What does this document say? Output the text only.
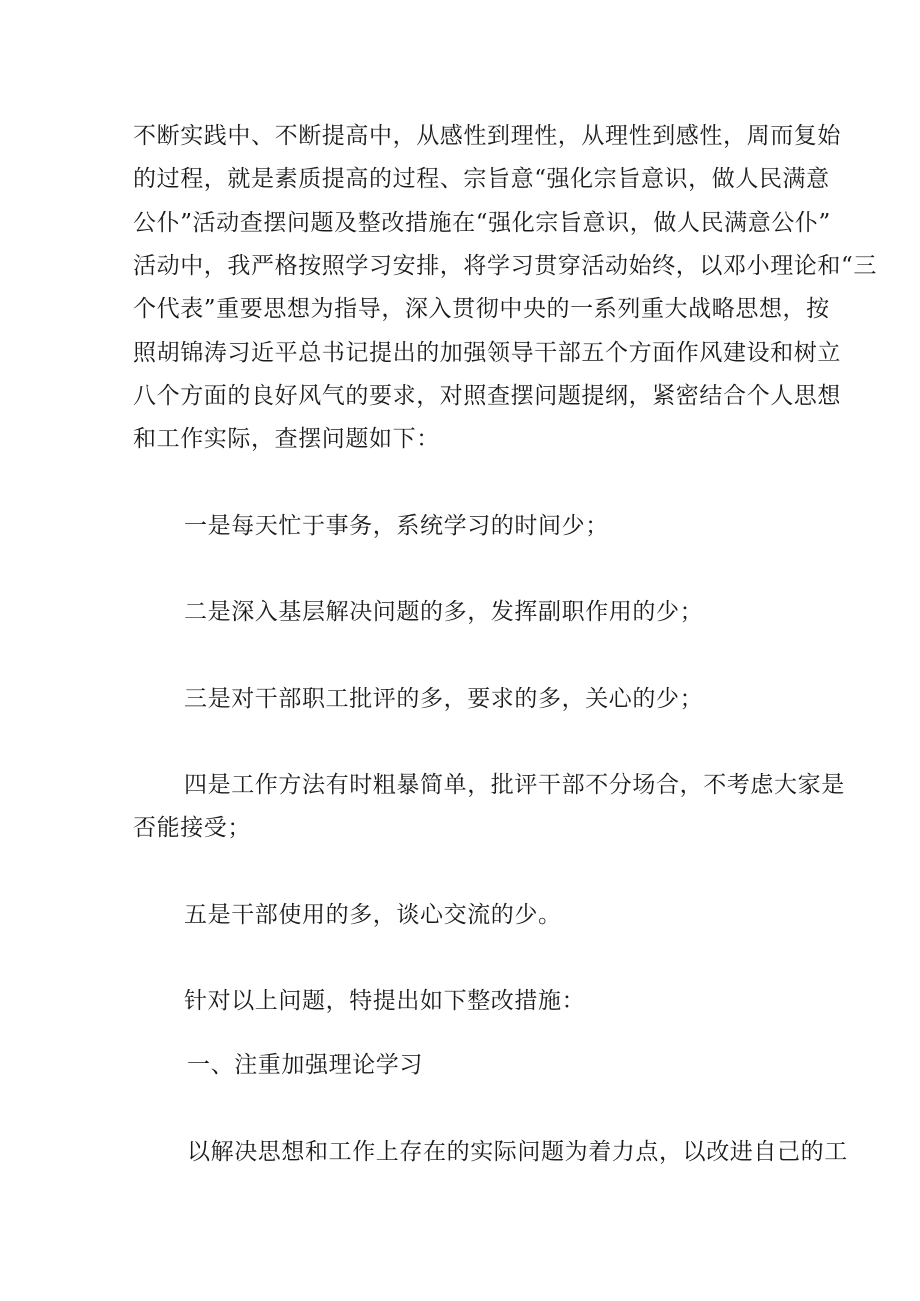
不断实践中、不断提高中，从感性到理性，从理性到感性，周而复始
的过程，就是素质提高的过程、宗旨意“强化宗旨意识，做人民满意
公仆”活动查摆问题及整改措施在“强化宗旨意识，做人民满意公仆”
活动中，我严格按照学习安排，将学习贯穿活动始终，以邓小理论和“三
个代表”重要思想为指导，深入贯彻中央的一系列重大战略思想，按
照胡锦涛习近平总书记提出的加强领导干部五个方面作风建设和树立
八个方面的良好风气的要求，对照查摆问题提纲，紧密结合个人思想
和工作实际，查摆问题如下：
一是每天忙于事务，系统学习的时间少；
二是深入基层解决问题的多，发挥副职作用的少；
三是对干部职工批评的多，要求的多，关心的少；
四是工作方法有时粗暴简单，批评干部不分场合，不考虑大家是
否能接受；
五是干部使用的多，谈心交流的少。
针对以上问题，特提出如下整改措施：
一、注重加强理论学习
以解决思想和工作上存在的实际问题为着力点，以改进自己的工
